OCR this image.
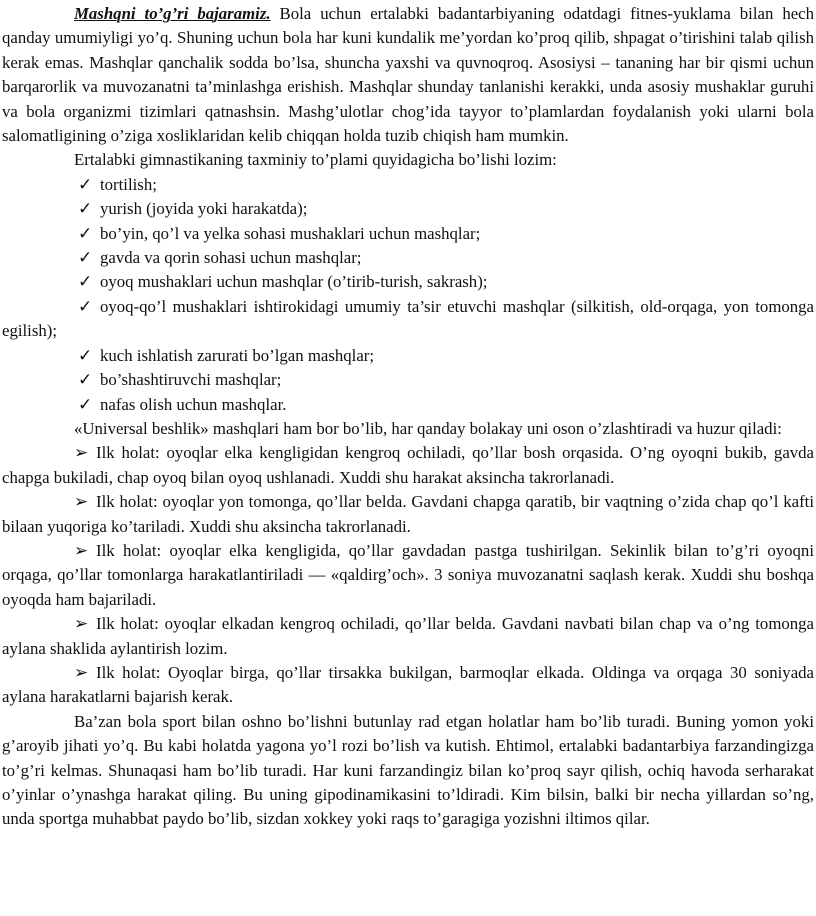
Mashqni to’g’ri bajaramiz. Bola uchun ertalabki badantarbiyaning odatdagi fitnes-yuklama bilan hech qanday umumiyligi yo’q. Shuning uchun bola har kuni kundalik me’yordan ko’proq qilib, shpagat o’tirishini talab qilish kerak emas. Mashqlar qanchalik sodda bo’lsa, shuncha yaxshi va quvnoqroq. Asosiysi – tananing har bir qismi uchun barqarorlik va muvozanatni ta’minlashga erishish. Mashqlar shunday tanlanishi kerakki, unda asosiy mushaklar guruhi va bola organizmi tizimlari qatnashsin. Mashg’ulotlar chog’ida tayyor to’plamlardan foydalanish yoki ularni bola salomatligining o’ziga xosliklaridan kelib chiqqan holda tuzib chiqish ham mumkin.

Ertalabki gimnastikaning taxminiy to’plami quyidagicha bo’lishi lozim:

✓ tortilish;

✓ yurish (joyida yoki harakatda);

✓ bo’yin, qo’l va yelka sohasi mushaklari uchun mashqlar;

✓ gavda va qorin sohasi uchun mashqlar;

✓ oyoq mushaklari uchun mashqlar (o’tirib-turish, sakrash);

✓ oyoq-qo’l mushaklari ishtirokidagi umumiy ta’sir etuvchi mashqlar (silkitish, old-orqaga, yon tomonga egilish);

✓ kuch ishlatish zarurati bo’lgan mashqlar;

✓ bo’shashtiruvchi mashqlar;

✓ nafas olish uchun mashqlar.

«Universal beshlik» mashqlari ham bor bo’lib, har qanday bolakay uni oson o’zlashtiradi va huzur qiladi:

➢ Ilk holat: oyoqlar elka kengligidan kengroq ochiladi, qo’llar bosh orqasida. O’ng oyoqni bukib, gavda chapga bukiladi, chap oyoq bilan oyoq ushlanadi. Xuddi shu harakat aksincha takrorlanadi.

➢ Ilk holat: oyoqlar yon tomonga, qo’llar belda. Gavdani chapga qaratib, bir vaqtning o’zida chap qo’l kafti bilaan yuqoriga ko’tariladi. Xuddi shu aksincha takrorlanadi.

➢ Ilk holat: oyoqlar elka kengligida, qo’llar gavdadan pastga tushirilgan. Sekinlik bilan to’g’ri oyoqni orqaga, qo’llar tomonlarga harakatlantiriladi — «qaldirg’och». 3 soniya muvozanatni saqlash kerak. Xuddi shu boshqa oyoqda ham bajariladi.

➢ Ilk holat: oyoqlar elkadan kengroq ochiladi, qo’llar belda. Gavdani navbati bilan chap va o’ng tomonga aylana shaklida aylantirish lozim.

➢ Ilk holat: Oyoqlar birga, qo’llar tirsakka bukilgan, barmoqlar elkada. Oldinga va orqaga 30 soniyada aylana harakatlarni bajarish kerak.

Ba’zan bola sport bilan oshno bo’lishni butunlay rad etgan holatlar ham bo’lib turadi. Buning yomon yoki g’aroyib jihati yo’q. Bu kabi holatda yagona yo’l rozi bo’lish va kutish. Ehtimol, ertalabki badantarbiya farzandingizga to’g’ri kelmas. Shunaqasi ham bo’lib turadi. Har kuni farzandingiz bilan ko’proq sayr qilish, ochiq havoda serharakat o’yinlar o’ynashga harakat qiling. Bu uning gipodinamikasini to’ldiradi. Kim bilsin, balki bir necha yillardan so’ng, unda sportga muhabbat paydo bo’lib, sizdan xokkey yoki raqs to’garagiga yozishni iltimos qilar.
